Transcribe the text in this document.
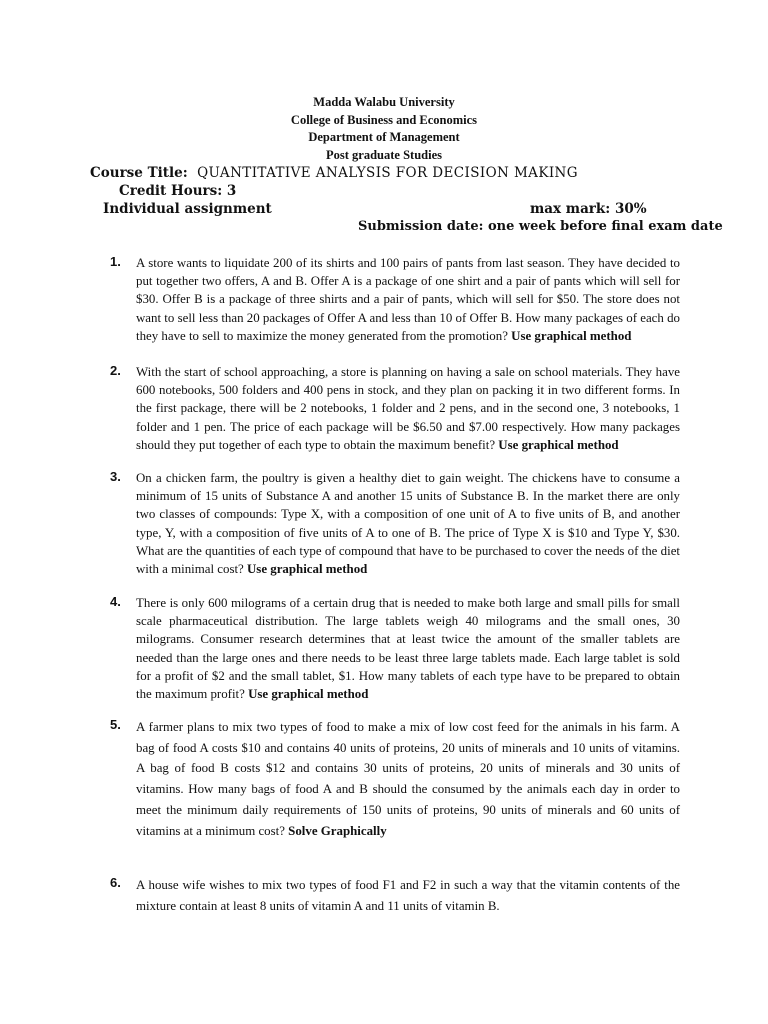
Madda Walabu University
College of Business and Economics
Department of Management
Post graduate Studies
Course Title: QUANTITATIVE ANALYSIS FOR DECISION MAKING
Credit Hours: 3
Individual assignment	max mark: 30%
Submission date: one week before final exam date
1. A store wants to liquidate 200 of its shirts and 100 pairs of pants from last season. They have decided to put together two offers, A and B. Offer A is a package of one shirt and a pair of pants which will sell for $30. Offer B is a package of three shirts and a pair of pants, which will sell for $50. The store does not want to sell less than 20 packages of Offer A and less than 10 of Offer B. How many packages of each do they have to sell to maximize the money generated from the promotion? Use graphical method
2. With the start of school approaching, a store is planning on having a sale on school materials. They have 600 notebooks, 500 folders and 400 pens in stock, and they plan on packing it in two different forms. In the first package, there will be 2 notebooks, 1 folder and 2 pens, and in the second one, 3 notebooks, 1 folder and 1 pen. The price of each package will be $6.50 and $7.00 respectively. How many packages should they put together of each type to obtain the maximum benefit? Use graphical method
3. On a chicken farm, the poultry is given a healthy diet to gain weight. The chickens have to consume a minimum of 15 units of Substance A and another 15 units of Substance B. In the market there are only two classes of compounds: Type X, with a composition of one unit of A to five units of B, and another type, Y, with a composition of five units of A to one of B. The price of Type X is $10 and Type Y, $30. What are the quantities of each type of compound that have to be purchased to cover the needs of the diet with a minimal cost? Use graphical method
4. There is only 600 milograms of a certain drug that is needed to make both large and small pills for small scale pharmaceutical distribution. The large tablets weigh 40 milograms and the small ones, 30 milograms. Consumer research determines that at least twice the amount of the smaller tablets are needed than the large ones and there needs to be least three large tablets made. Each large tablet is sold for a profit of $2 and the small tablet, $1. How many tablets of each type have to be prepared to obtain the maximum profit? Use graphical method
5. A farmer plans to mix two types of food to make a mix of low cost feed for the animals in his farm. A bag of food A costs $10 and contains 40 units of proteins, 20 units of minerals and 10 units of vitamins. A bag of food B costs $12 and contains 30 units of proteins, 20 units of minerals and 30 units of vitamins. How many bags of food A and B should the consumed by the animals each day in order to meet the minimum daily requirements of 150 units of proteins, 90 units of minerals and 60 units of vitamins at a minimum cost? Solve Graphically
6. A house wife wishes to mix two types of food F1 and F2 in such a way that the vitamin contents of the mixture contain at least 8 units of vitamin A and 11 units of vitamin B.
